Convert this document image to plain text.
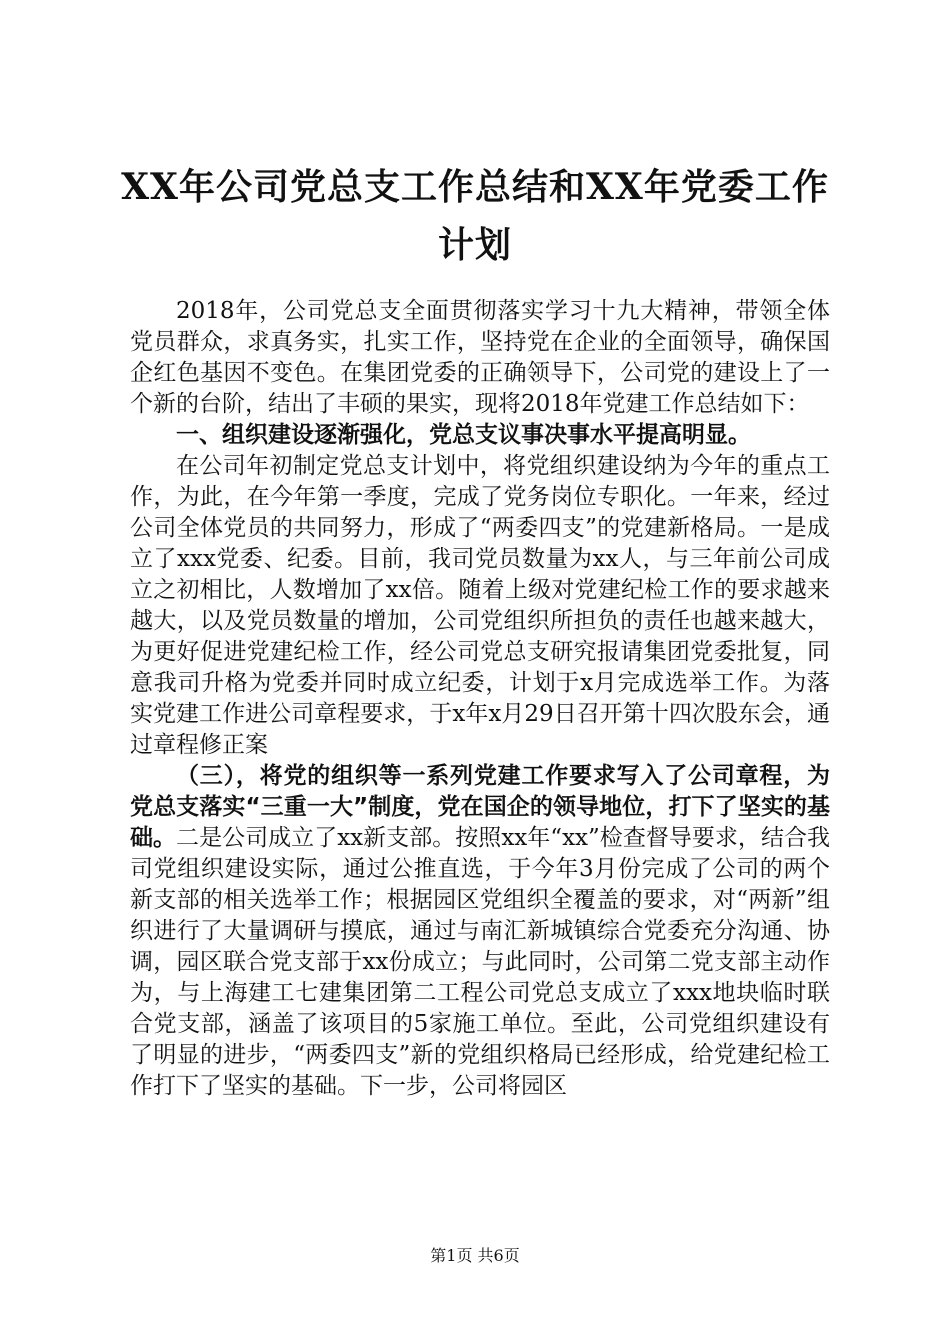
XX年公司党总支工作总结和XX年党委工作计划

2018年，公司党总支全面贯彻落实学习十九大精神，带领全体党员群众，求真务实，扎实工作，坚持党在企业的全面领导，确保国企红色基因不变色。在集团党委的正确领导下，公司党的建设上了一个新的台阶，结出了丰硕的果实，现将2018年党建工作总结如下：

一、组织建设逐渐强化，党总支议事决事水平提高明显。

在公司年初制定党总支计划中，将党组织建设纳为今年的重点工作，为此，在今年第一季度，完成了党务岗位专职化。一年来，经过公司全体党员的共同努力，形成了“两委四支”的党建新格局。一是成立了xxx党委、纪委。目前，我司党员数量为xx人，与三年前公司成立之初相比，人数增加了xx倍。随着上级对党建纪检工作的要求越来越大，以及党员数量的增加，公司党组织所担负的责任也越来越大，为更好促进党建纪检工作，经公司党总支研究报请集团党委批复，同意我司升格为党委并同时成立纪委，计划于x月完成选举工作。为落实党建工作进公司章程要求，于x年x月29日召开第十四次股东会，通过章程修正案

（三），将党的组织等一系列党建工作要求写入了公司章程，为党总支落实“三重一大”制度，党在国企的领导地位，打下了坚实的基础。二是公司成立了xx新支部。按照xx年“xx”检查督导要求，结合我司党组织建设实际，通过公推直选，于今年3月份完成了公司的两个新支部的相关选举工作；根据园区党组织全覆盖的要求，对“两新”组织进行了大量调研与摸底，通过与南汇新城镇综合党委充分沟通、协调，园区联合党支部于xx份成立；与此同时，公司第二党支部主动作为，与上海建工七建集团第二工程公司党总支成立了xxx地块临时联合党支部，涵盖了该项目的5家施工单位。至此，公司党组织建设有了明显的进步，“两委四支”新的党组织格局已经形成，给党建纪检工作打下了坚实的基础。下一步，公司将园区

第1页 共6页
